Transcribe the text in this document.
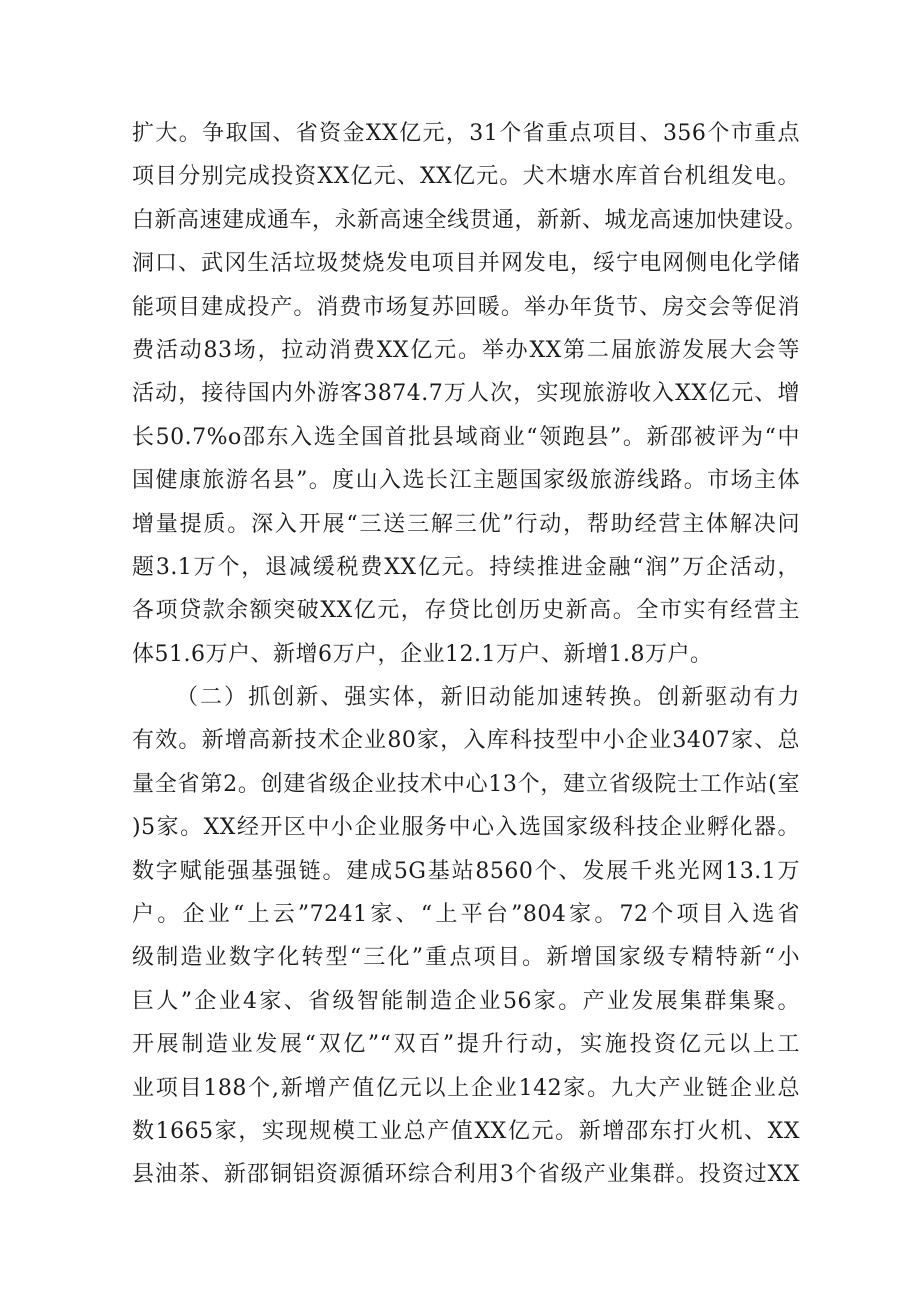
扩大。争取国、省资金XX亿元，31个省重点项目、356个市重点
项目分别完成投资XX亿元、XX亿元。犬木塘水库首台机组发电。
白新高速建成通车，永新高速全线贯通，新新、城龙高速加快建设。
洞口、武冈生活垃圾焚烧发电项目并网发电，绥宁电网侧电化学储
能项目建成投产。消费市场复苏回暖。举办年货节、房交会等促消
费活动83场，拉动消费XX亿元。举办XX第二届旅游发展大会等
活动，接待国内外游客3874.7万人次，实现旅游收入XX亿元、增
长50.7%o邵东入选全国首批县域商业“领跑县”。新邵被评为“中
国健康旅游名县”。度山入选长江主题国家级旅游线路。市场主体
增量提质。深入开展“三送三解三优”行动，帮助经营主体解决问
题3.1万个，退减缓税费XX亿元。持续推进金融“润”万企活动，
各项贷款余额突破XX亿元，存贷比创历史新高。全市实有经营主
体51.6万户、新增6万户，企业12.1万户、新增1.8万户。
（二）抓创新、强实体，新旧动能加速转换。创新驱动有力
有效。新增高新技术企业80家，入库科技型中小企业3407家、总
量全省第2。创建省级企业技术中心13个，建立省级院士工作站(室
)5家。XX经开区中小企业服务中心入选国家级科技企业孵化器。
数字赋能强基强链。建成5G基站8560个、发展千兆光网13.1万
户。企业“上云”7241家、“上平台”804家。72个项目入选省
级制造业数字化转型“三化”重点项目。新增国家级专精特新“小
巨人”企业4家、省级智能制造企业56家。产业发展集群集聚。
开展制造业发展“双亿”“双百”提升行动，实施投资亿元以上工
业项目188个,新增产值亿元以上企业142家。九大产业链企业总
数1665家，实现规模工业总产值XX亿元。新增邵东打火机、XX
县油茶、新邵铜铝资源循环综合利用3个省级产业集群。投资过XX
